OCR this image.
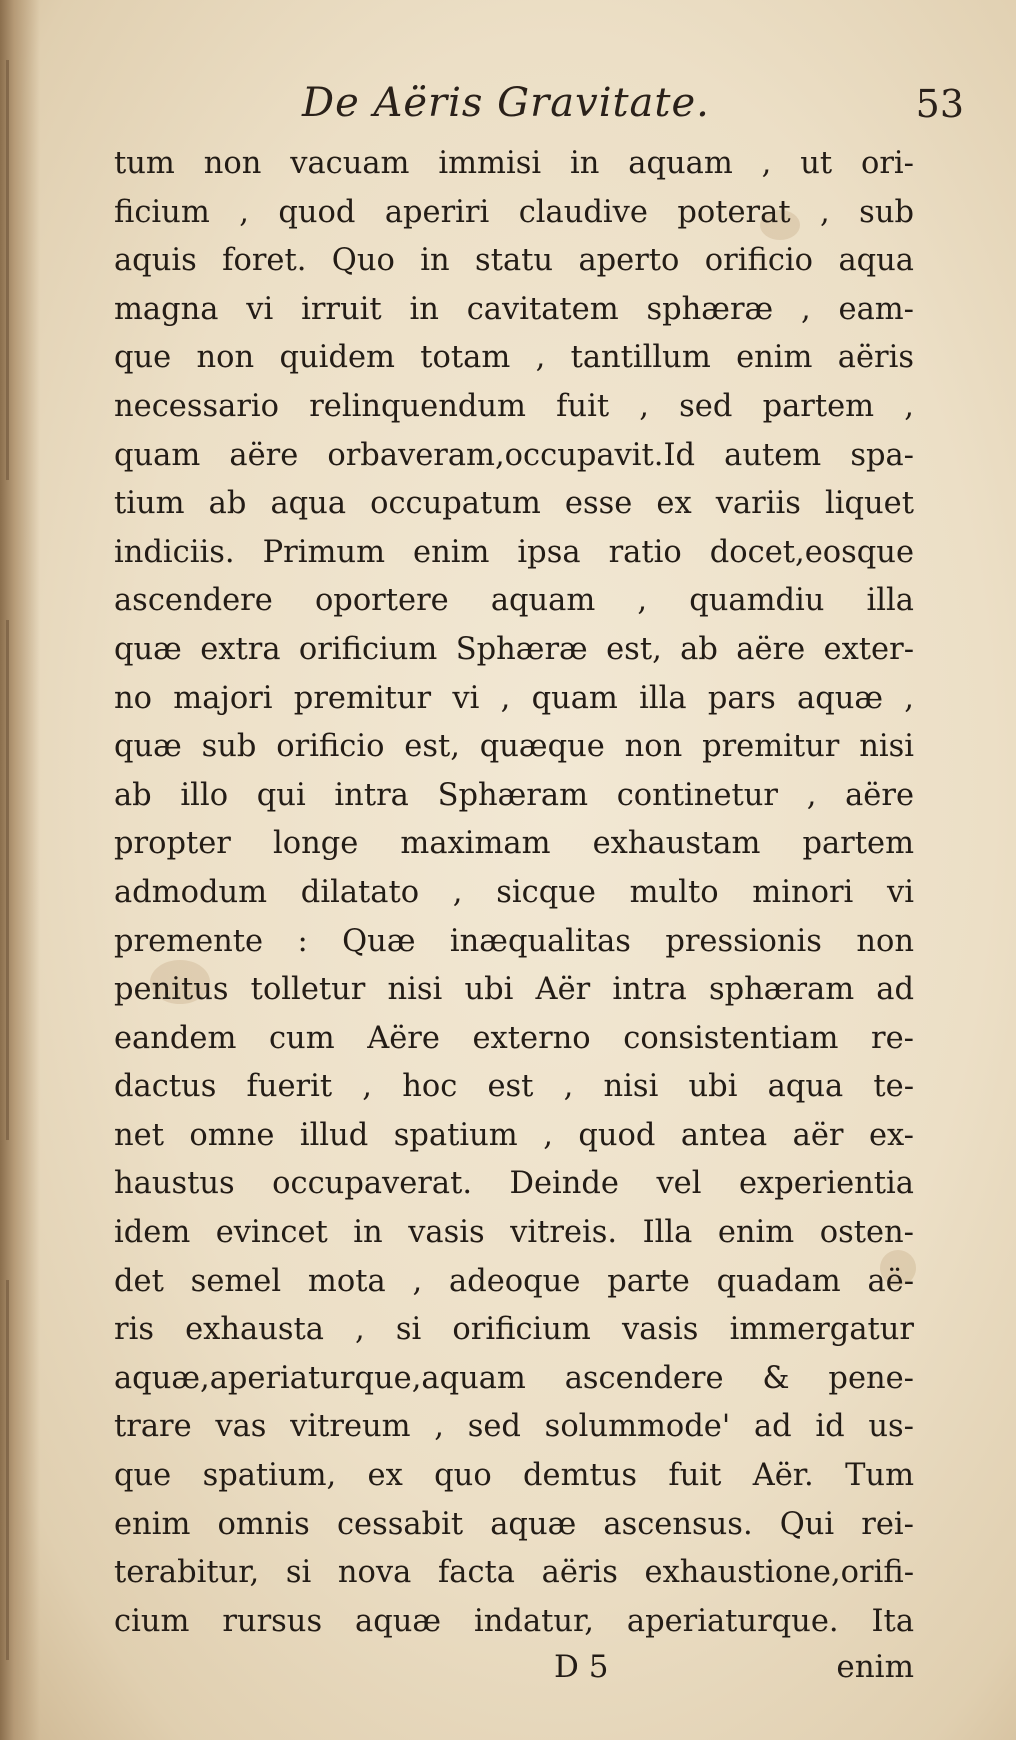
De Aëris Gravitate.	53
tum non vacuam immisi in aquam , ut ori-
ficium , quod aperiri claudive poterat , sub
aquis foret. Quo in statu aperto orificio aqua
magna vi irruit in cavitatem sphæræ , eam-
que non quidem totam , tantillum enim aëris
necessario relinquendum fuit , sed partem ,
quam aëre orbaveram,occupavit.Id autem spa-
tium ab aqua occupatum esse ex variis liquet
indiciis. Primum enim ipsa ratio docet,eosque
ascendere oportere aquam , quamdiu illa
quæ extra orificium Sphæræ est, ab aëre exter-
no majori premitur vi , quam illa pars aquæ ,
quæ sub orificio est, quæque non premitur nisi
ab illo qui intra Sphæram continetur , aëre
propter longe maximam exhaustam partem
admodum dilatato , sicque multo minori vi
premente : Quæ inæqualitas pressionis non
penitus tolletur nisi ubi Aër intra sphæram ad
eandem cum Aëre externo consistentiam re-
dactus fuerit , hoc est , nisi ubi aqua te-
net omne illud spatium , quod antea aër ex-
haustus occupaverat. Deinde vel experientia
idem evincet in vasis vitreis. Illa enim osten-
det semel mota , adeoque parte quadam aë-
ris exhausta , si orificium vasis immergatur
aquæ,aperiaturque,aquam ascendere & pene-
trare vas vitreum , sed solummode' ad id us-
que spatium, ex quo demtus fuit Aër. Tum
enim omnis cessabit aquæ ascensus. Qui rei-
terabitur, si nova facta aëris exhaustione,orifi-
cium rursus aquæ indatur, aperiaturque. Ita
D 5	enim
